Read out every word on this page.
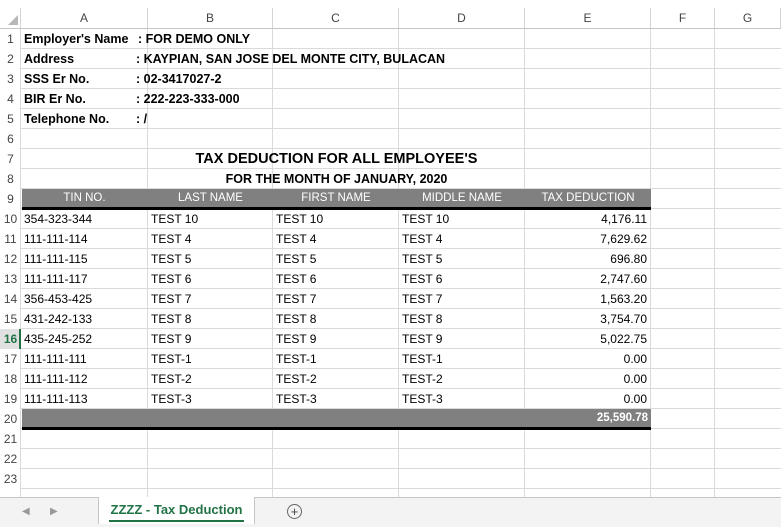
A	B	C	D	E	F	G
1
2
3
4
5
6
7
8
9
10
11
12
13
14
15
16
17
18
19
20
21
22
23
Employer's Name : FOR DEMO ONLY
Address	: KAYPIAN, SAN JOSE DEL MONTE CITY, BULACAN
SSS Er No.	: 02-3417027-2
BIR Er No.	: 222-223-333-000
Telephone No.	: /
TAX DEDUCTION FOR ALL EMPLOYEE'S
FOR THE MONTH OF JANUARY, 2020
TIN NO.	LAST NAME	FIRST NAME	MIDDLE NAME	TAX DEDUCTION
354-323-344	TEST 10	TEST 10	TEST 10	4,176.11
111-111-114	TEST 4	TEST 4	TEST 4	7,629.62
111-111-115	TEST 5	TEST 5	TEST 5	696.80
111-111-117	TEST 6	TEST 6	TEST 6	2,747.60
356-453-425	TEST 7	TEST 7	TEST 7	1,563.20
431-242-133	TEST 8	TEST 8	TEST 8	3,754.70
435-245-252	TEST 9	TEST 9	TEST 9	5,022.75
111-111-111	TEST-1	TEST-1	TEST-1	0.00
111-111-112	TEST-2	TEST-2	TEST-2	0.00
111-111-113	TEST-3	TEST-3	TEST-3	0.00
25,590.78
◀ ▶	ZZZZ - Tax Deduction	+
